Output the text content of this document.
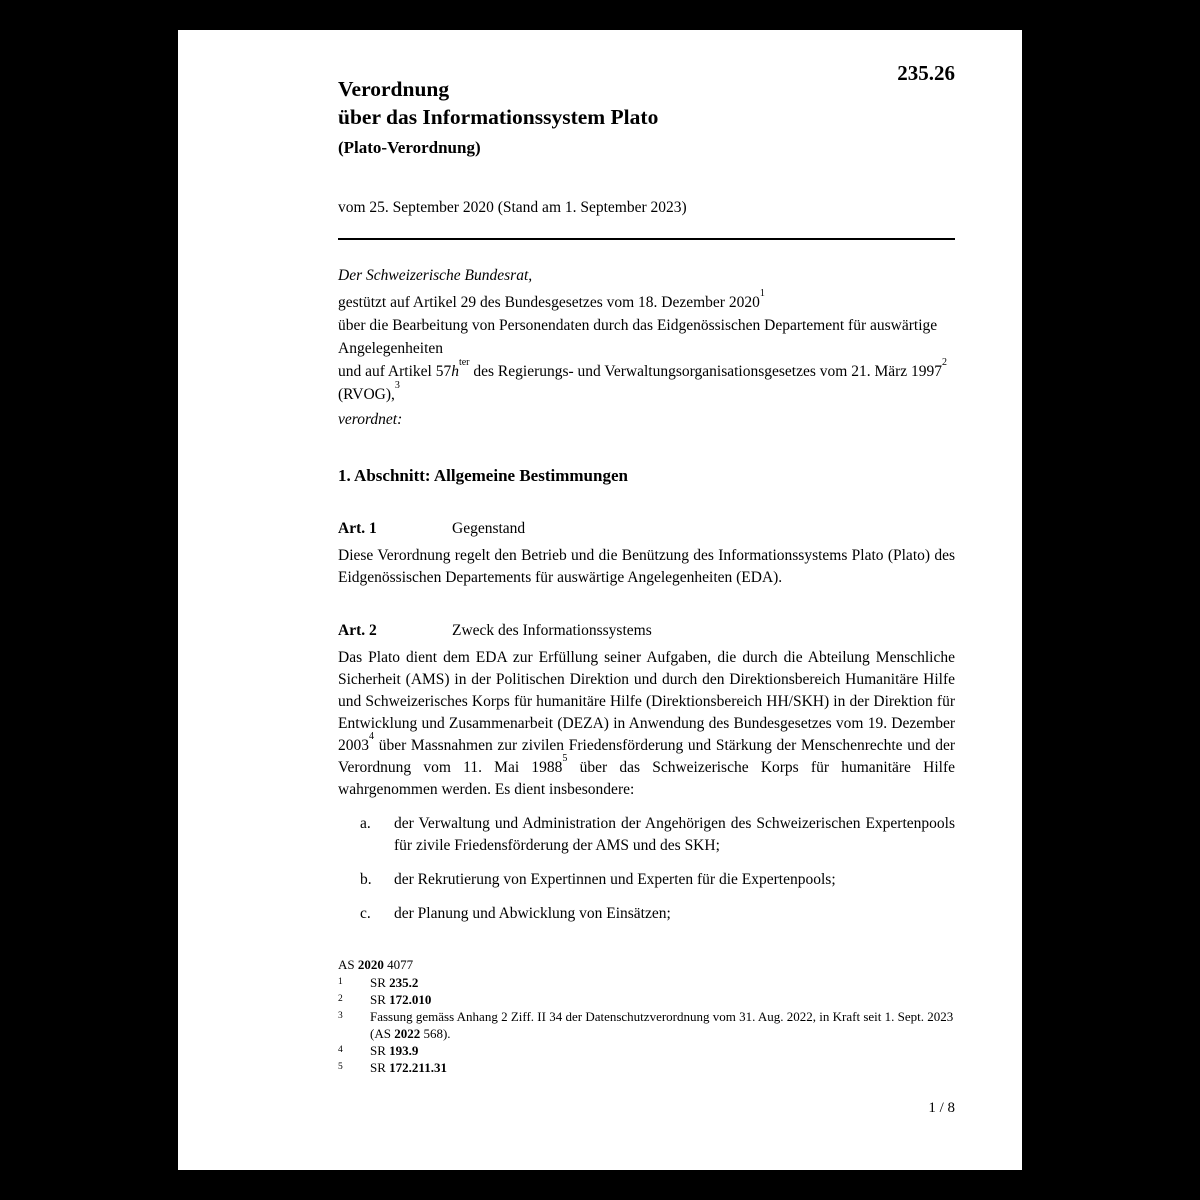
235.26
Verordnung
über das Informationssystem Plato
(Plato-Verordnung)
vom 25. September 2020 (Stand am 1. September 2023)

Der Schweizerische Bundesrat,

gestützt auf Artikel 29 des Bundesgesetzes vom 18. Dezember 2020$^1$

über die Bearbeitung von Personendaten durch das Eidgenössischen Departement für auswärtige Angelegenheiten

und auf Artikel 57h$^{ter}$ des Regierungs- und Verwaltungsorganisationsgesetzes vom 21. März 1997$^2$ (RVOG),$^3$

verordnet:

1. Abschnitt: Allgemeine Bestimmungen
Art. 1	Gegenstand

Diese Verordnung regelt den Betrieb und die Benützung des Informationssystems Plato (Plato) des Eidgenössischen Departements für auswärtige Angelegenheiten (EDA).

Art. 2	Zweck des Informationssystems

Das Plato dient dem EDA zur Erfüllung seiner Aufgaben, die durch die Abteilung Menschliche Sicherheit (AMS) in der Politischen Direktion und durch den Direktionsbereich Humanitäre Hilfe und Schweizerisches Korps für humanitäre Hilfe (Direktionsbereich HH/SKH) in der Direktion für Entwicklung und Zusammenarbeit (DEZA) in Anwendung des Bundesgesetzes vom 19. Dezember 2003$^4$ über Massnahmen zur zivilen Friedensförderung und Stärkung der Menschenrechte und der Verordnung vom 11. Mai 1988$^5$ über das Schweizerische Korps für humanitäre Hilfe wahrgenommen werden. Es dient insbesondere:

a.	der Verwaltung und Administration der Angehörigen des Schweizerischen Expertenpools für zivile Friedensförderung der AMS und des SKH;
b.	der Rekrutierung von Expertinnen und Experten für die Expertenpools;
c.	der Planung und Abwicklung von Einsätzen;
AS 2020 4077
1	SR 235.2
2	SR 172.010
3	Fassung gemäss Anhang 2 Ziff. II 34 der Datenschutzverordnung vom 31. Aug. 2022, in Kraft seit 1. Sept. 2023 (AS 2022 568).
4	SR 193.9
5	SR 172.211.31
1 / 8
